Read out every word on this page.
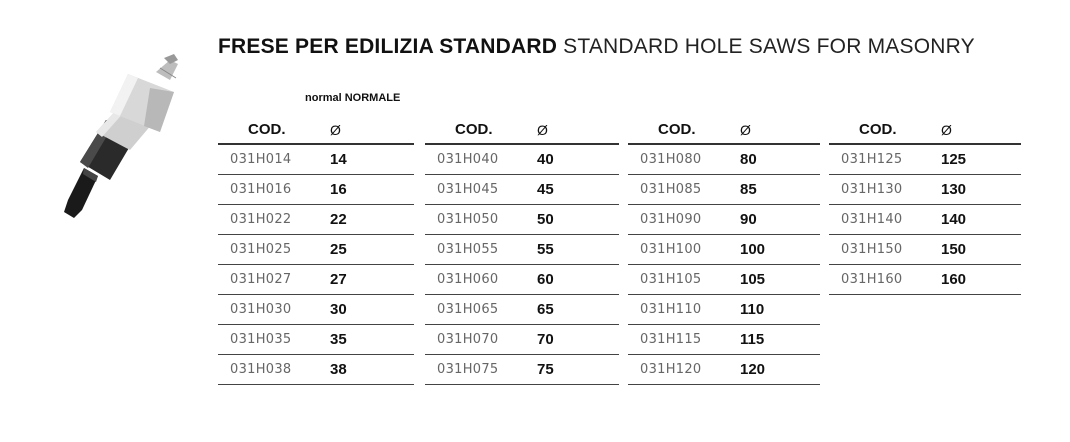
FRESE PER EDILIZIA STANDARD STANDARD HOLE SAWS FOR MASONRY
normal NORMALE
COD.	Ø
031H014	14
031H016	16
031H022	22
031H025	25
031H027	27
031H030	30
031H035	35
031H038	38
COD.	Ø
031H040	40
031H045	45
031H050	50
031H055	55
031H060	60
031H065	65
031H070	70
031H075	75
COD.	Ø
031H080	80
031H085	85
031H090	90
031H100	100
031H105	105
031H110	110
031H115	115
031H120	120
COD.	Ø
031H125	125
031H130	130
031H140	140
031H150	150
031H160	160
